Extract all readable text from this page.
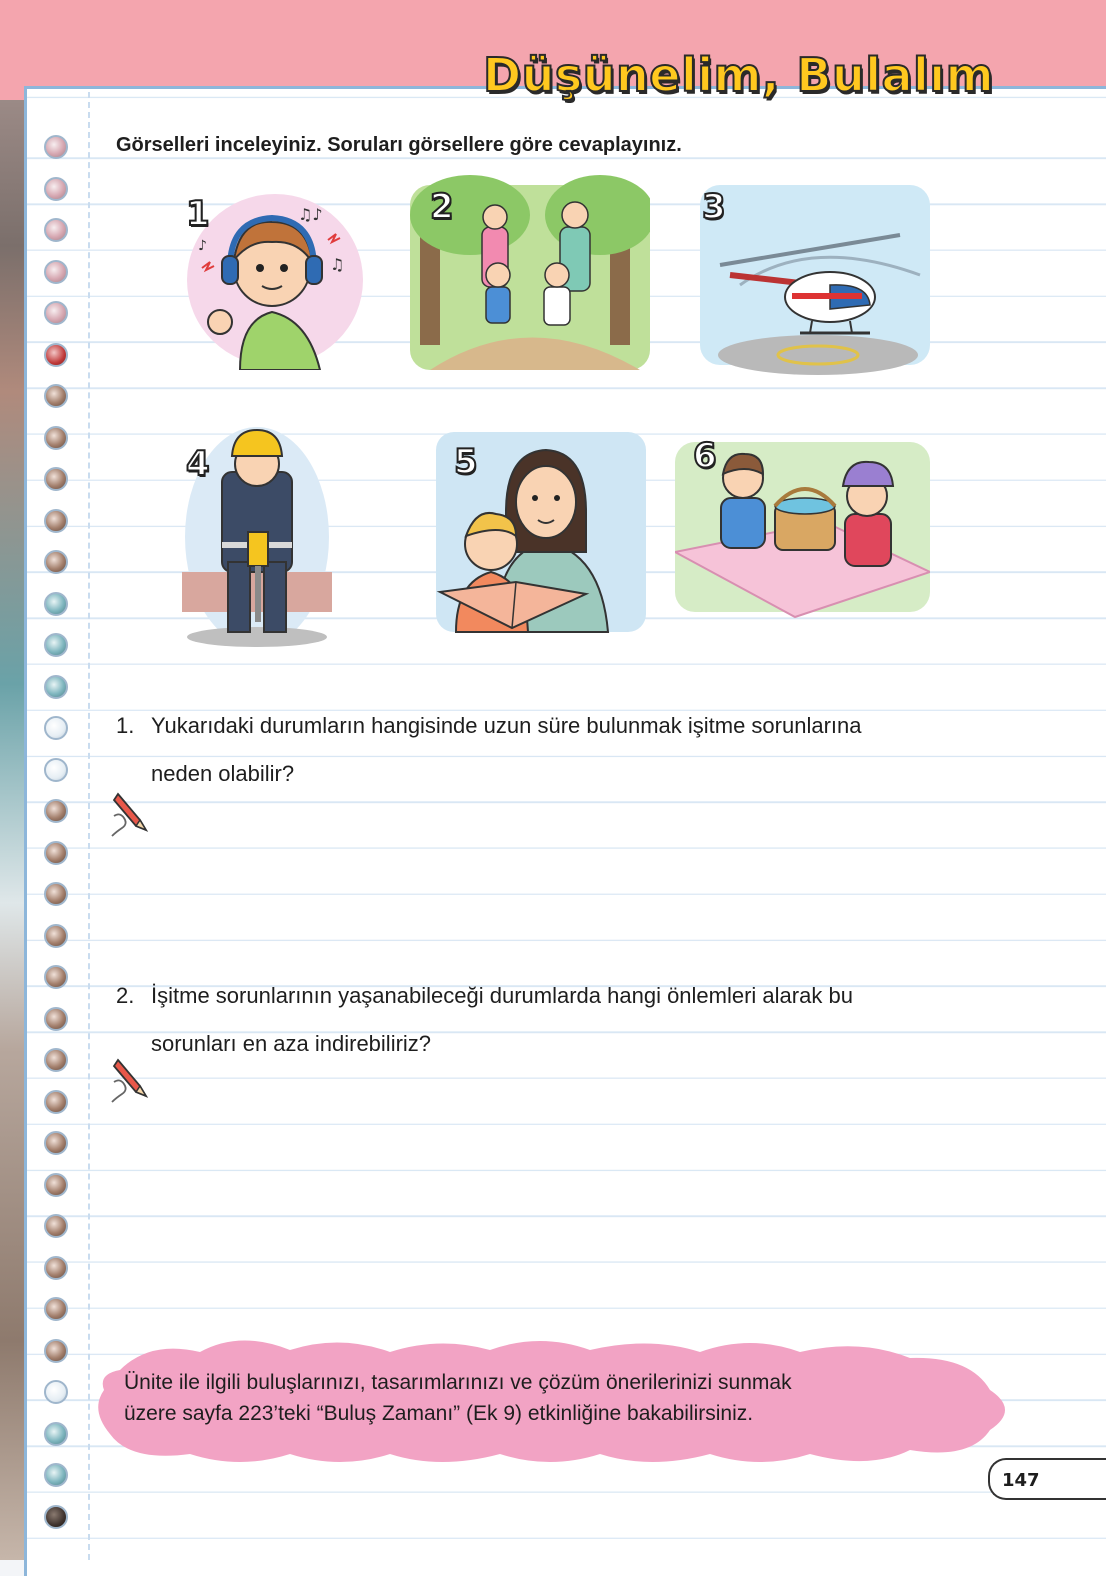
Düşünelim, Bulalım

Görselleri inceleyiniz. Soruları görsellere göre cevaplayınız.

♫♪
♪
♫
1	2	3
4	5	6

1. Yukarıdaki durumların hangisinde uzun süre bulunmak işitme sorunlarına
neden olabilir?

2. İşitme sorunlarının yaşanabileceği durumlarda hangi önlemleri alarak bu
sorunları en aza indirebiliriz?

Ünite ile ilgili buluşlarınızı, tasarımlarınızı ve çözüm önerilerinizi sunmak
üzere sayfa 223’teki “Buluş Zamanı” (Ek 9) etkinliğine bakabilirsiniz.

147
